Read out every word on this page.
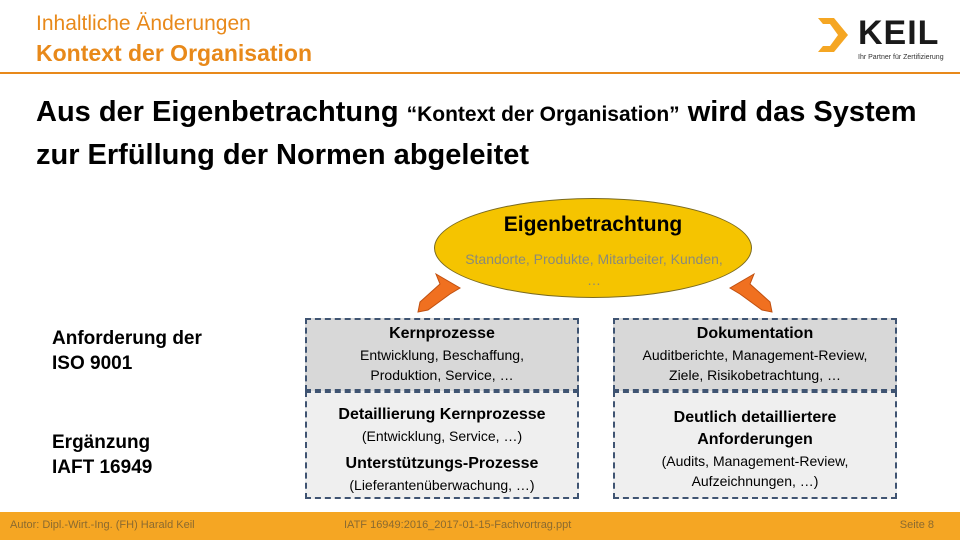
Inhaltliche Änderungen
Kontext der Organisation
KEIL
Ihr Partner für Zertifizierung
Aus der Eigenbetrachtung “Kontext der Organisation” wird das System zur Erfüllung der Normen abgeleitet
Eigenbetrachtung
Standorte, Produkte, Mitarbeiter, Kunden, …
Anforderung der
ISO 9001
Ergänzung
IAFT 16949
Kernprozesse
Entwicklung, Beschaffung,
Produktion, Service, …
Detaillierung Kernprozesse
(Entwicklung, Service, …)
Unterstützungs-Prozesse
(Lieferantenüberwachung, …)
Dokumentation
Auditberichte, Management-Review,
Ziele, Risikobetrachtung, …
Deutlich detailliertere
Anforderungen
(Audits, Management-Review,
Aufzeichnungen, …)
Autor: Dipl.-Wirt.-Ing. (FH) Harald Keil	IATF 16949:2016_2017-01-15-Fachvortrag.ppt	Seite 8
